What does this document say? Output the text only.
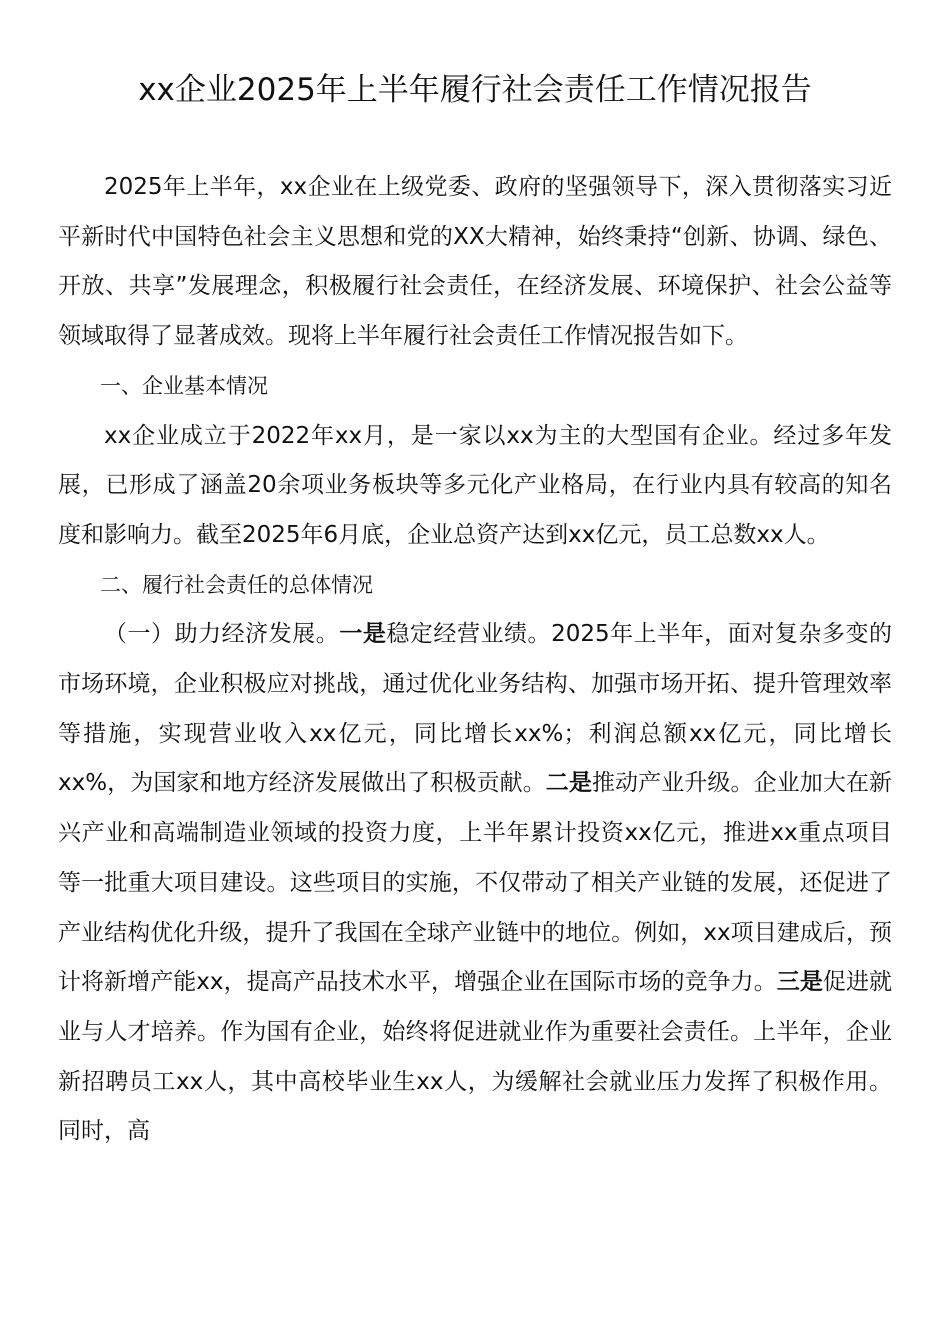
xx企业2025年上半年履行社会责任工作情况报告

2025年上半年，xx企业在上级党委、政府的坚强领导下，深入贯彻落实习近平新时代中国特色社会主义思想和党的XX大精神，始终秉持“创新、协调、绿色、开放、共享”发展理念，积极履行社会责任，在经济发展、环境保护、社会公益等领域取得了显著成效。现将上半年履行社会责任工作情况报告如下。

一、企业基本情况

xx企业成立于2022年xx月，是一家以xx为主的大型国有企业。经过多年发展，已形成了涵盖20余项业务板块等多元化产业格局，在行业内具有较高的知名度和影响力。截至2025年6月底，企业总资产达到xx亿元，员工总数xx人。

二、履行社会责任的总体情况

（一）助力经济发展。一是稳定经营业绩。2025年上半年，面对复杂多变的市场环境，企业积极应对挑战，通过优化业务结构、加强市场开拓、提升管理效率等措施，实现营业收入xx亿元，同比增长xx%；利润总额xx亿元，同比增长xx%，为国家和地方经济发展做出了积极贡献。二是推动产业升级。企业加大在新兴产业和高端制造业领域的投资力度，上半年累计投资xx亿元，推进xx重点项目等一批重大项目建设。这些项目的实施，不仅带动了相关产业链的发展，还促进了产业结构优化升级，提升了我国在全球产业链中的地位。例如，xx项目建成后，预计将新增产能xx，提高产品技术水平，增强企业在国际市场的竞争力。三是促进就业与人才培养。作为国有企业，始终将促进就业作为重要社会责任。上半年，企业新招聘员工xx人，其中高校毕业生xx人，为缓解社会就业压力发挥了积极作用。同时，高
